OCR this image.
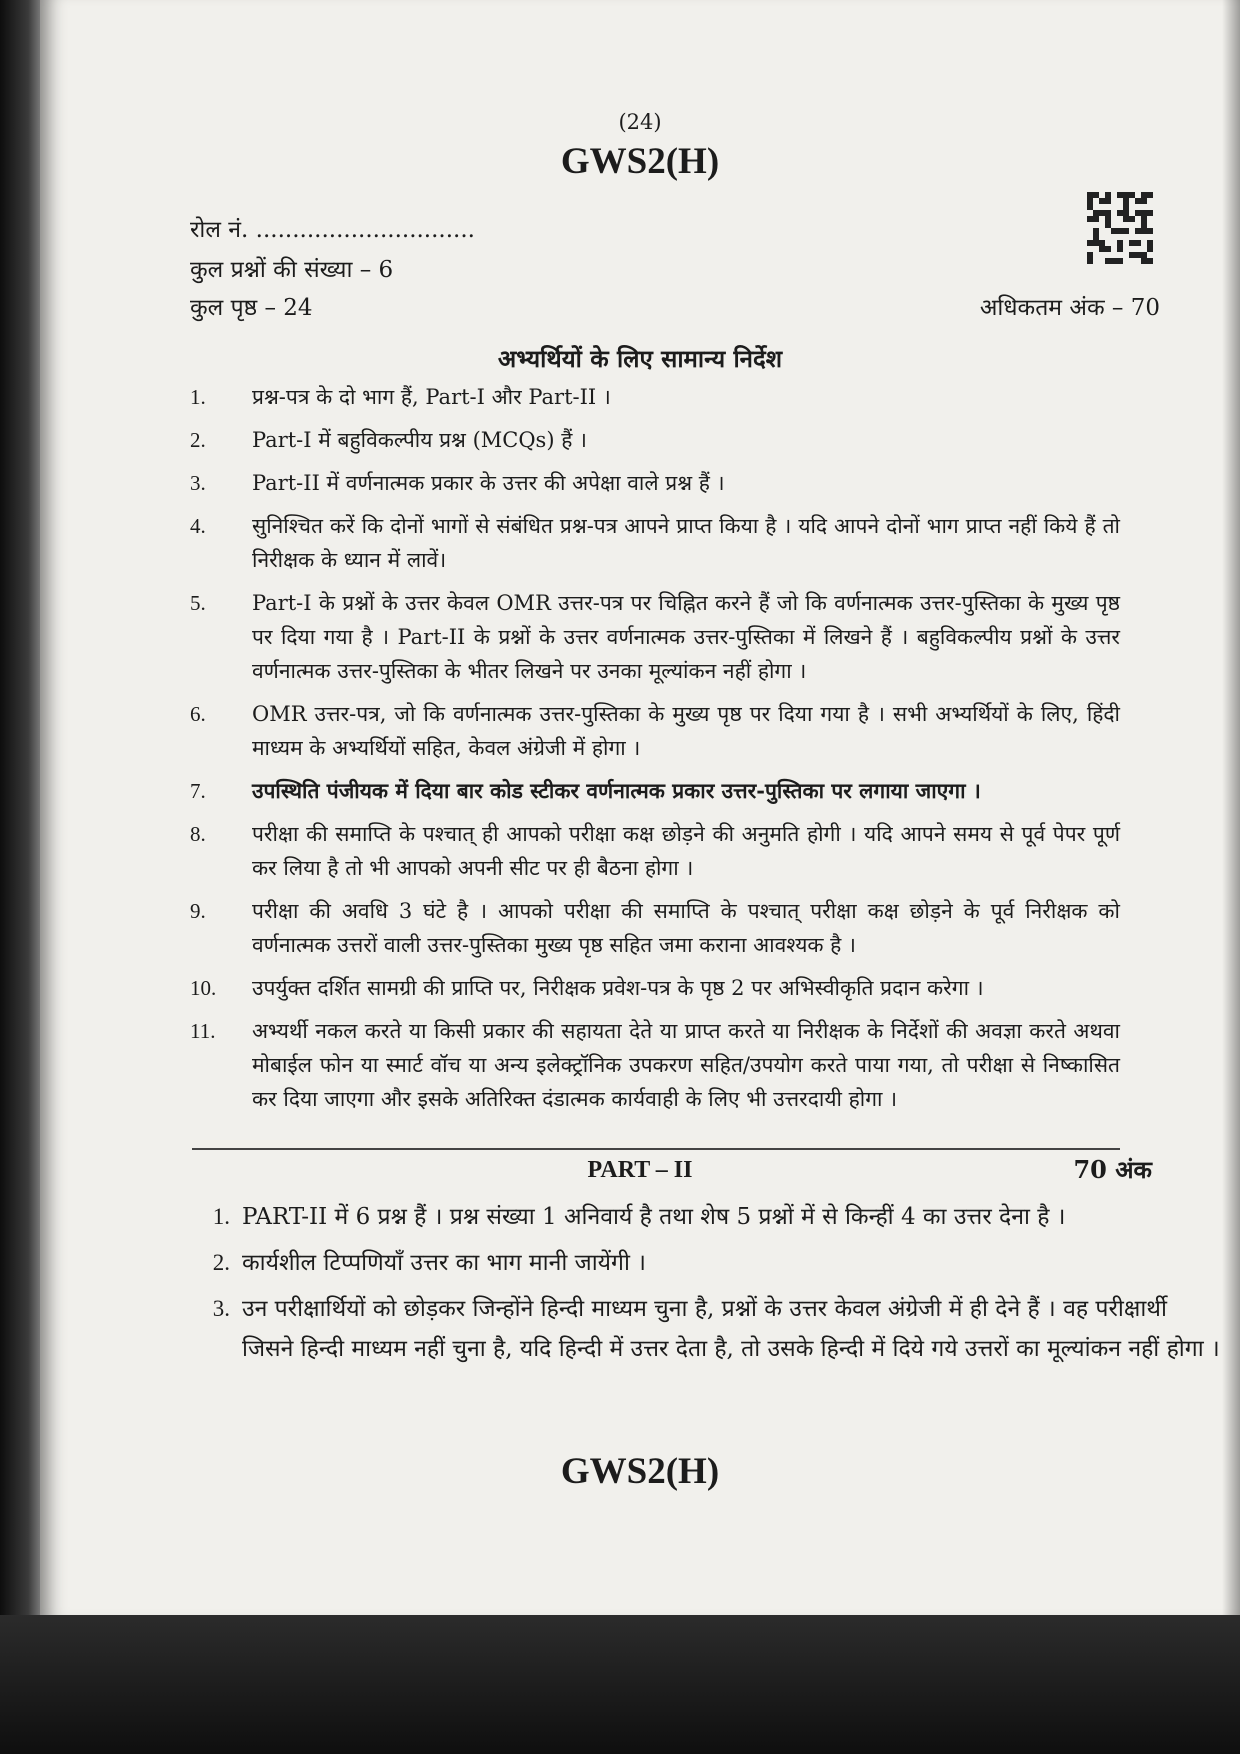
(24)
GWS2(H)
रोल नं. ..............................
कुल प्रश्नों की संख्या – 6
कुल पृष्ठ – 24	अधिकतम अंक – 70
अभ्यर्थियों के लिए सामान्य निर्देश
1.	प्रश्न-पत्र के दो भाग हैं, Part-I और Part-II ।
2.	Part-I में बहुविकल्पीय प्रश्न (MCQs) हैं ।
3.	Part-II में वर्णनात्मक प्रकार के उत्तर की अपेक्षा वाले प्रश्न हैं ।
4.	सुनिश्चित करें कि दोनों भागों से संबंधित प्रश्न-पत्र आपने प्राप्त किया है । यदि आपने दोनों भाग प्राप्त नहीं किये हैं तो निरीक्षक के ध्यान में लावें।
5.	Part-I के प्रश्नों के उत्तर केवल OMR उत्तर-पत्र पर चिह्नित करने हैं जो कि वर्णनात्मक उत्तर-पुस्तिका के मुख्य पृष्ठ पर दिया गया है । Part-II के प्रश्नों के उत्तर वर्णनात्मक उत्तर-पुस्तिका में लिखने हैं । बहुविकल्पीय प्रश्नों के उत्तर वर्णनात्मक उत्तर-पुस्तिका के भीतर लिखने पर उनका मूल्यांकन नहीं होगा ।
6.	OMR उत्तर-पत्र, जो कि वर्णनात्मक उत्तर-पुस्तिका के मुख्य पृष्ठ पर दिया गया है । सभी अभ्यर्थियों के लिए, हिंदी माध्यम के अभ्यर्थियों सहित, केवल अंग्रेजी में होगा ।
7.	उपस्थिति पंजीयक में दिया बार कोड स्टीकर वर्णनात्मक प्रकार उत्तर-पुस्तिका पर लगाया जाएगा ।
8.	परीक्षा की समाप्ति के पश्चात् ही आपको परीक्षा कक्ष छोड़ने की अनुमति होगी । यदि आपने समय से पूर्व पेपर पूर्ण कर लिया है तो भी आपको अपनी सीट पर ही बैठना होगा ।
9.	परीक्षा की अवधि 3 घंटे है । आपको परीक्षा की समाप्ति के पश्चात् परीक्षा कक्ष छोड़ने के पूर्व निरीक्षक को वर्णनात्मक उत्तरों वाली उत्तर-पुस्तिका मुख्य पृष्ठ सहित जमा कराना आवश्यक है ।
10.	उपर्युक्त दर्शित सामग्री की प्राप्ति पर, निरीक्षक प्रवेश-पत्र के पृष्ठ 2 पर अभिस्वीकृति प्रदान करेगा ।
11.	अभ्यर्थी नकल करते या किसी प्रकार की सहायता देते या प्राप्त करते या निरीक्षक के निर्देशों की अवज्ञा करते अथवा मोबाईल फोन या स्मार्ट वॉच या अन्य इलेक्ट्रॉनिक उपकरण सहित/उपयोग करते पाया गया, तो परीक्षा से निष्कासित कर दिया जाएगा और इसके अतिरिक्त दंडात्मक कार्यवाही के लिए भी उत्तरदायी होगा ।
PART – II	70 अंक
1. PART-II में 6 प्रश्न हैं । प्रश्न संख्या 1 अनिवार्य है तथा शेष 5 प्रश्नों में से किन्हीं 4 का उत्तर देना है ।
2. कार्यशील टिप्पणियाँ उत्तर का भाग मानी जायेंगी ।
3. उन परीक्षार्थियों को छोड़कर जिन्होंने हिन्दी माध्यम चुना है, प्रश्नों के उत्तर केवल अंग्रेजी में ही देने हैं । वह परीक्षार्थी जिसने हिन्दी माध्यम नहीं चुना है, यदि हिन्दी में उत्तर देता है, तो उसके हिन्दी में दिये गये उत्तरों का मूल्यांकन नहीं होगा ।
GWS2(H)
